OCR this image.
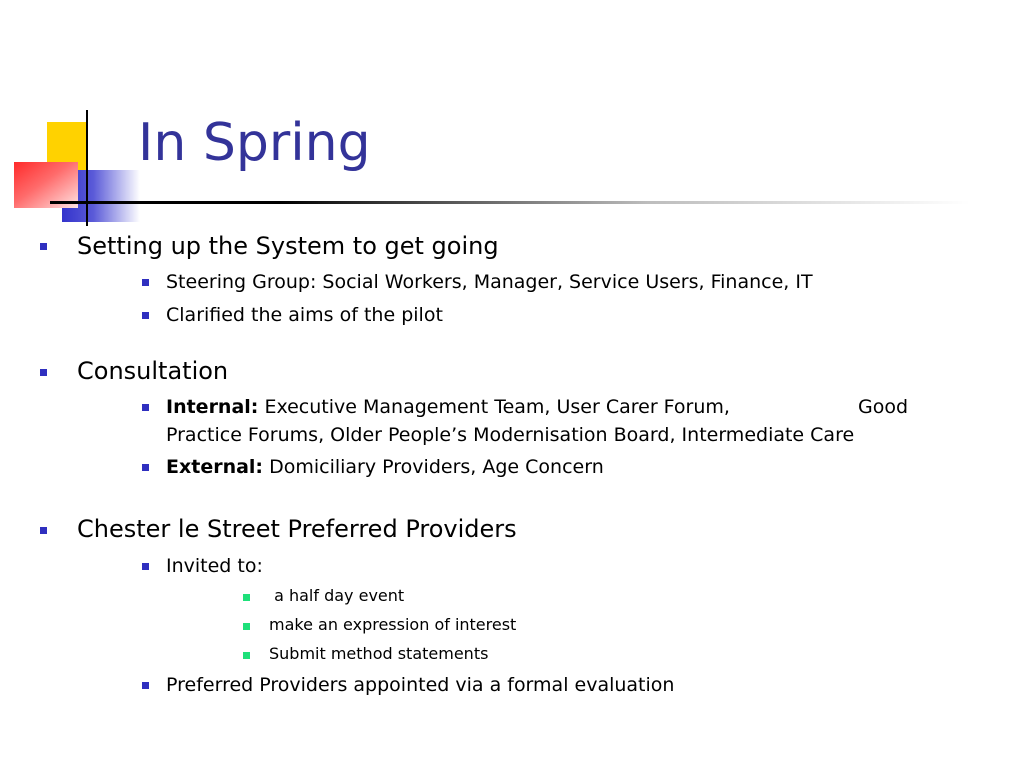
In Spring
Setting up the System to get going
Steering Group: Social Workers, Manager, Service Users, Finance, IT
Clarified the aims of the pilot
Consultation
Internal: Executive Management Team, User Carer Forum,	Good
Practice Forums, Older People’s Modernisation Board, Intermediate Care
External: Domiciliary Providers, Age Concern
Chester le Street Preferred Providers
Invited to:
a half day event
make an expression of interest
Submit method statements
Preferred Providers appointed via a formal evaluation
